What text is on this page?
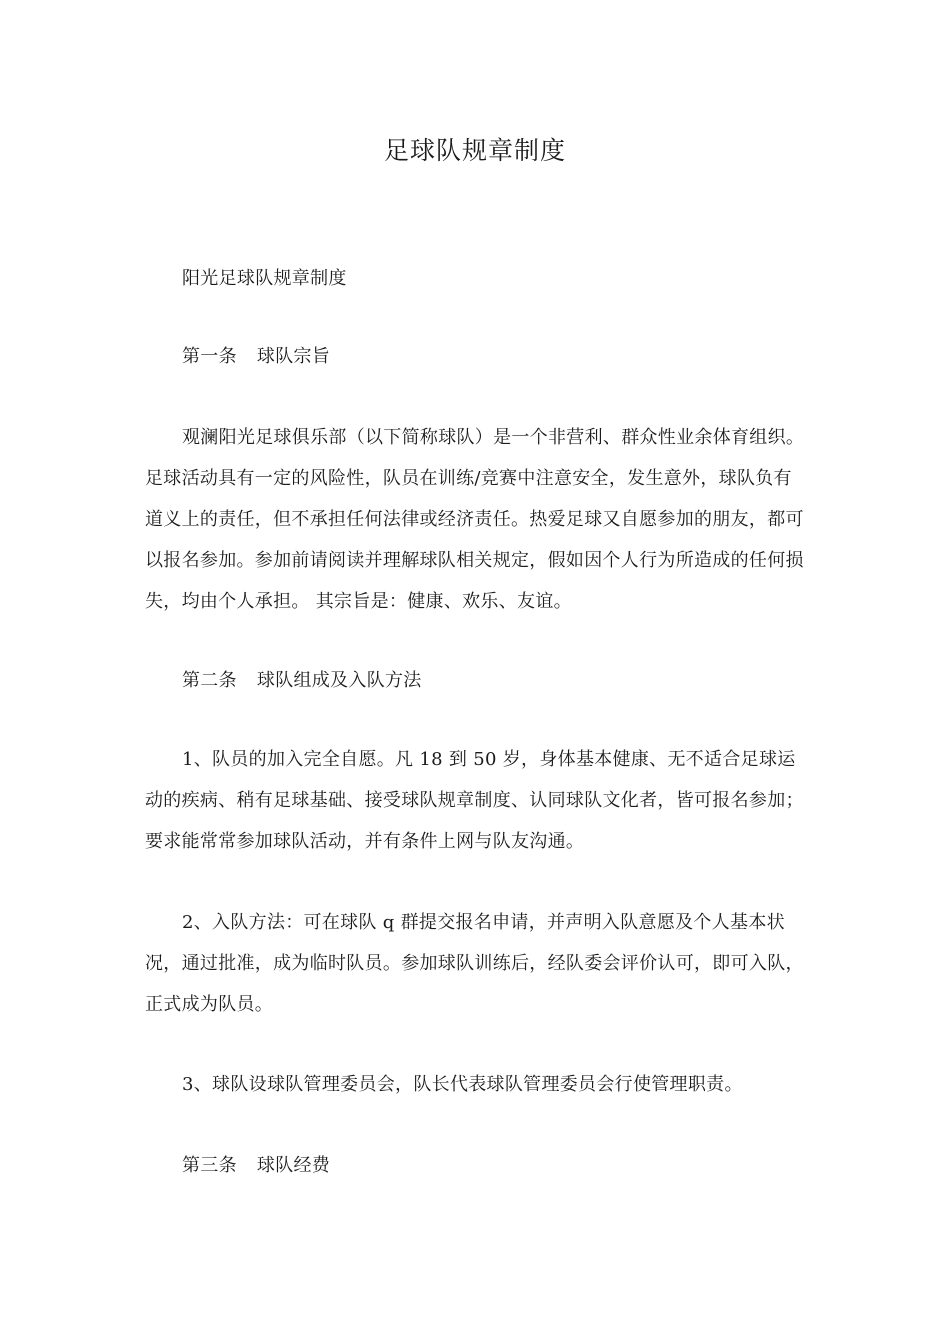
足球队规章制度
阳光足球队规章制度
第一条 球队宗旨

观澜阳光足球俱乐部（以下简称球队）是一个非营利、群众性业余体育组织。 足球活动具有一定的风险性，队员在训练/竞赛中注意安全，发生意外，球队负有道义上的责任，但不承担任何法律或经济责任。热爱足球又自愿参加的朋友，都可以报名参加。参加前请阅读并理解球队相关规定，假如因个人行为所造成的任何损失，均由个人承担。 其宗旨是：健康、欢乐、友谊。

第二条 球队组成及入队方法

1、队员的加入完全自愿。凡 18 到 50 岁，身体基本健康、无不适合足球运动的疾病、稍有足球基础、接受球队规章制度、认同球队文化者，皆可报名参加；要求能常常参加球队活动，并有条件上网与队友沟通。

2、入队方法：可在球队 q 群提交报名申请，并声明入队意愿及个人基本状况，通过批准，成为临时队员。参加球队训练后，经队委会评价认可，即可入队，正式成为队员。

3、球队设球队管理委员会，队长代表球队管理委员会行使管理职责。

第三条 球队经费
